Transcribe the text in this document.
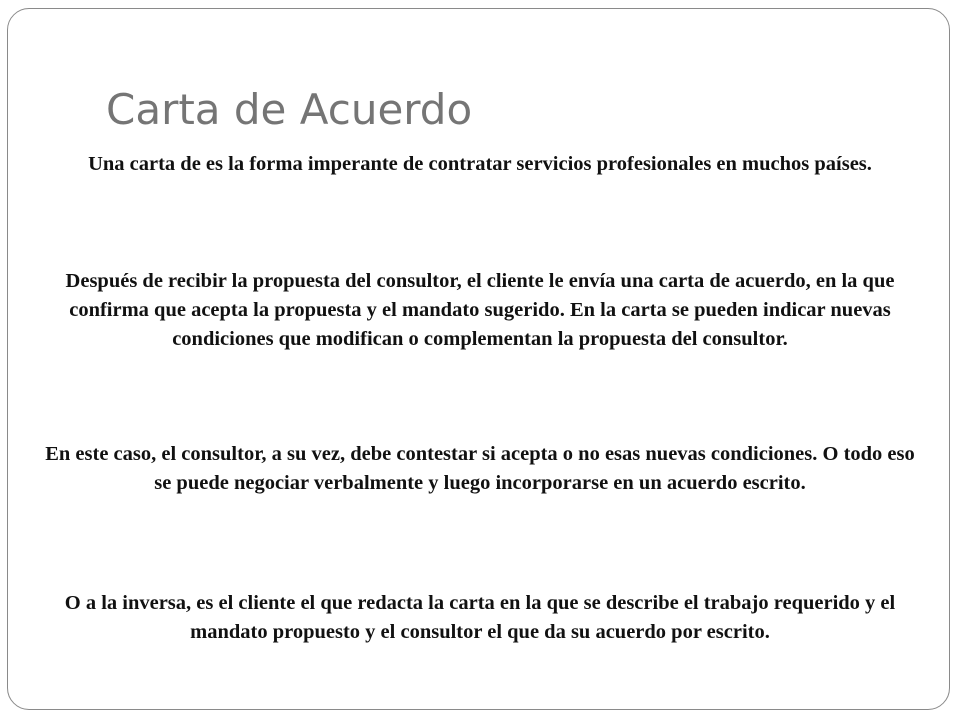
Carta de Acuerdo

Una carta de es la forma imperante de contratar servicios profesionales en muchos países.

Después de recibir la propuesta del consultor, el cliente le envía una carta de acuerdo, en la que confirma que acepta la propuesta y el mandato sugerido. En la carta se pueden indicar nuevas condiciones que modifican o complementan la propuesta del consultor.

En este caso, el consultor, a su vez, debe contestar si acepta o no esas nuevas condiciones. O todo eso se puede negociar verbalmente y luego incorporarse en un acuerdo escrito.

O a la inversa, es el cliente el que redacta la carta en la que se describe el trabajo requerido y el mandato propuesto y el consultor el que da su acuerdo por escrito.
